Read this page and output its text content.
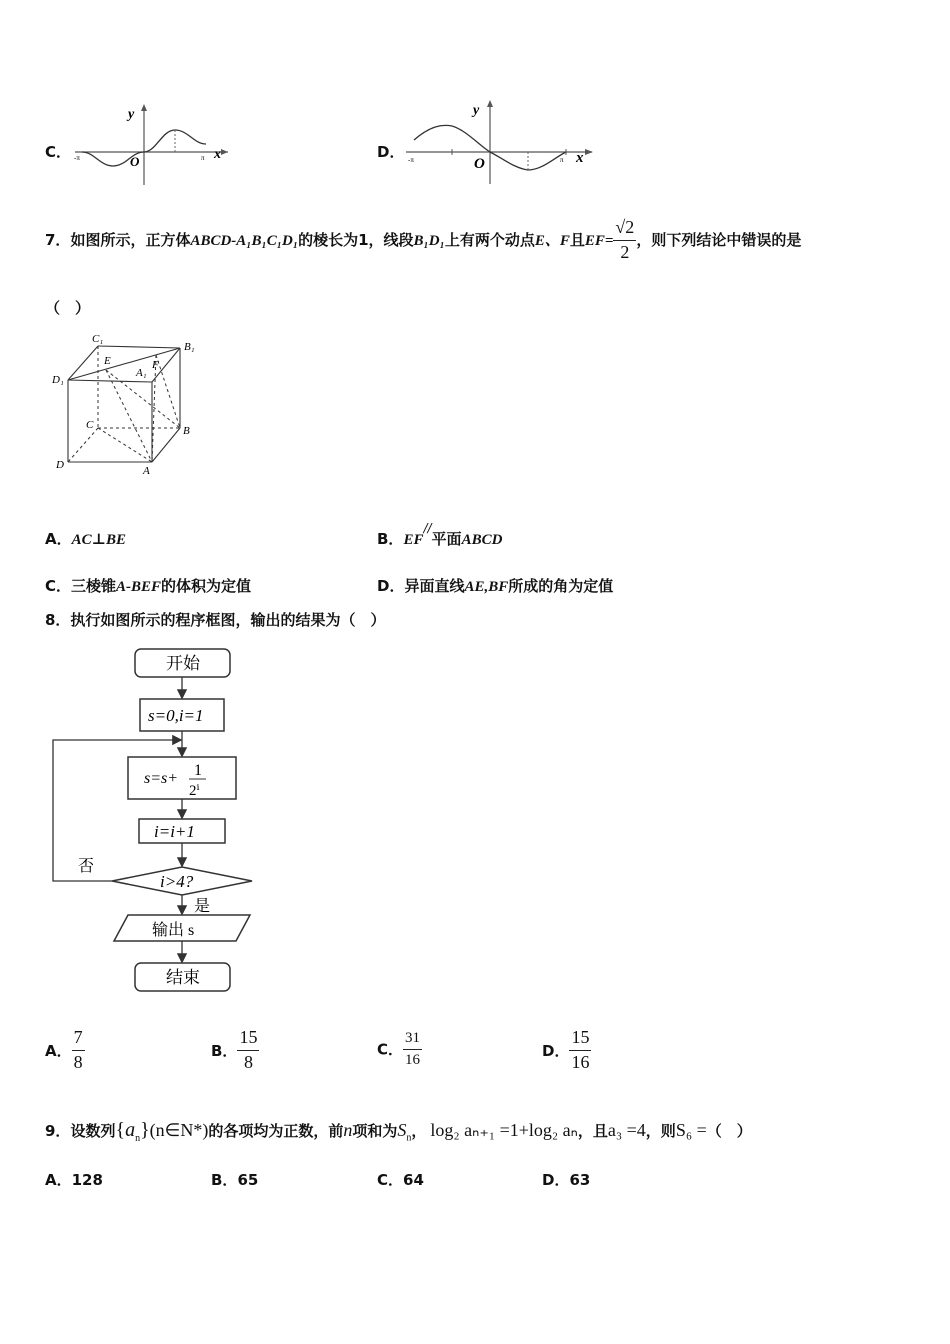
C．
y
x
O
-π	π	D．
y
x
O
-π	π
7．如图所示，正方体ABCD-A₁B₁C₁D₁的棱长为1，线段B₁D₁上有两个动点E、F且$EF= \frac{√2}{2}$ ，则下列结论中错误的是
（　）
C₁
B₁
D₁
A₁
E	F
C	B
D	A
A．AC⊥BE	B．EF//平面ABCD
C．三棱锥A-BEF的体积为定值	D．异面直线AE,BF所成的角为定值
8．执行如图所示的程序框图，输出的结果为（　）
开始
s=0,i=1
s=s+ 1
2ⁱ
i=i+1
i>4?
否
是
输出 s
结束
A． $\frac{7}{8}$	B． $\frac{15}{8}$	C． $\frac{31}{16}$	D． $\frac{15}{16}$
9．设数列$\{a_n\}(n\in N*)$的各项均为正数，前n项和为$S_n$， log₂ aₙ₊₁ =1+log₂ aₙ，且a₃ =4，则S₆ =（　）
A．128	B．65	C．64	D．63
